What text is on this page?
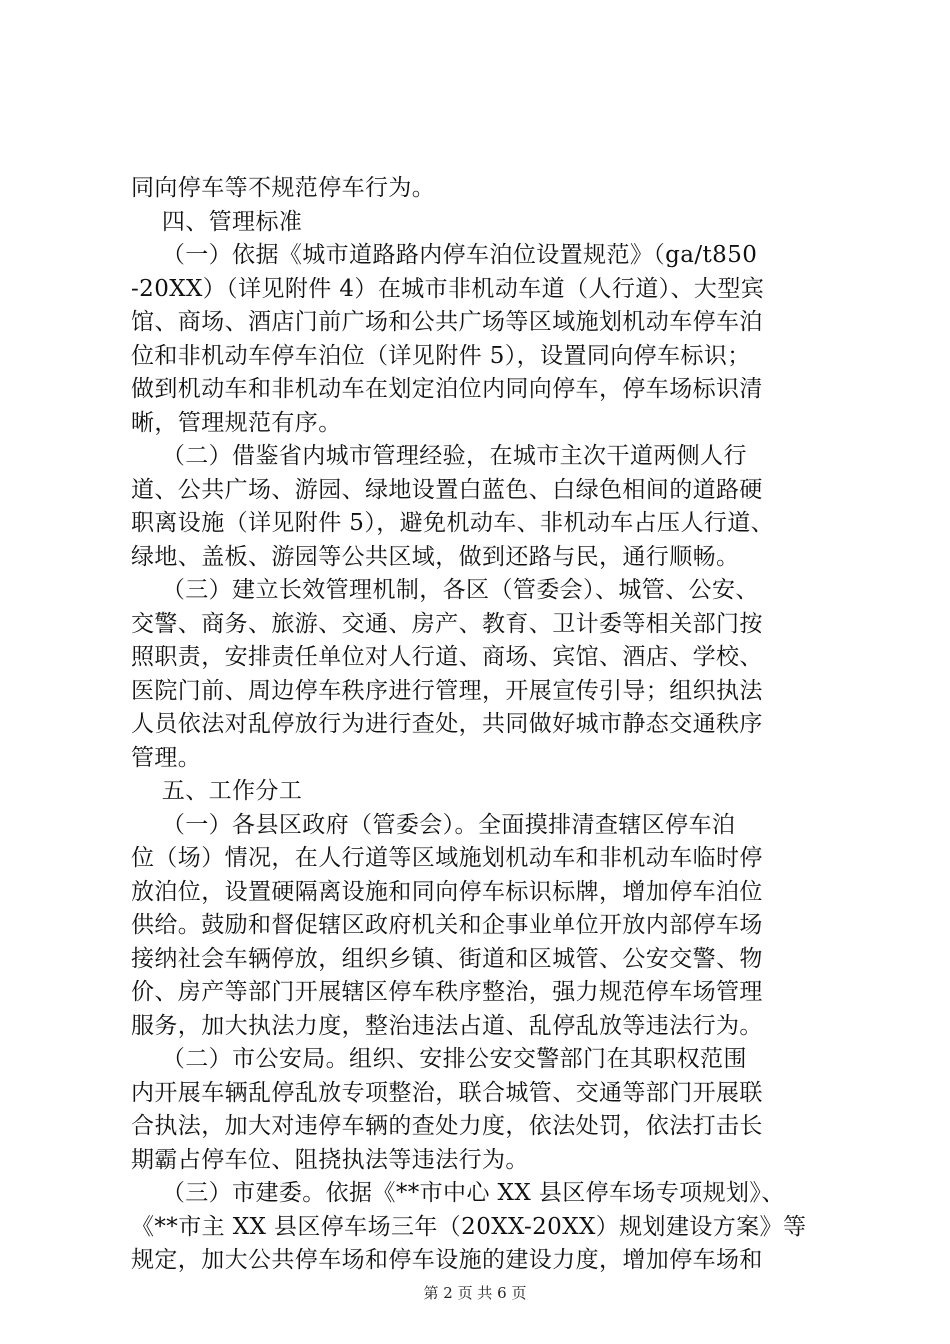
同向停车等不规范停车行为。
四、管理标准
（一）依据《城市道路路内停车泊位设置规范》（ga/t850
-20XX）（详见附件 4）在城市非机动车道（人行道）、大型宾
馆、商场、酒店门前广场和公共广场等区域施划机动车停车泊
位和非机动车停车泊位（详见附件 5），设置同向停车标识；
做到机动车和非机动车在划定泊位内同向停车，停车场标识清
晰，管理规范有序。
（二）借鉴省内城市管理经验，在城市主次干道两侧人行
道、公共广场、游园、绿地设置白蓝色、白绿色相间的道路硬
职离设施（详见附件 5），避免机动车、非机动车占压人行道、
绿地、盖板、游园等公共区域，做到还路与民，通行顺畅。
（三）建立长效管理机制，各区（管委会）、城管、公安、
交警、商务、旅游、交通、房产、教育、卫计委等相关部门按
照职责，安排责任单位对人行道、商场、宾馆、酒店、学校、
医院门前、周边停车秩序进行管理，开展宣传引导；组织执法
人员依法对乱停放行为进行查处，共同做好城市静态交通秩序
管理。
五、工作分工
（一）各县区政府（管委会）。全面摸排清查辖区停车泊
位（场）情况，在人行道等区域施划机动车和非机动车临时停
放泊位，设置硬隔离设施和同向停车标识标牌，增加停车泊位
供给。鼓励和督促辖区政府机关和企事业单位开放内部停车场
接纳社会车辆停放，组织乡镇、街道和区城管、公安交警、物
价、房产等部门开展辖区停车秩序整治，强力规范停车场管理
服务，加大执法力度，整治违法占道、乱停乱放等违法行为。
（二）市公安局。组织、安排公安交警部门在其职权范围
内开展车辆乱停乱放专项整治，联合城管、交通等部门开展联
合执法，加大对违停车辆的查处力度，依法处罚，依法打击长
期霸占停车位、阻挠执法等违法行为。
（三）市建委。依据《**市中心 XX 县区停车场专项规划》、
《**市主 XX 县区停车场三年（20XX-20XX）规划建设方案》等
规定，加大公共停车场和停车设施的建设力度，增加停车场和
第 2 页 共 6 页
